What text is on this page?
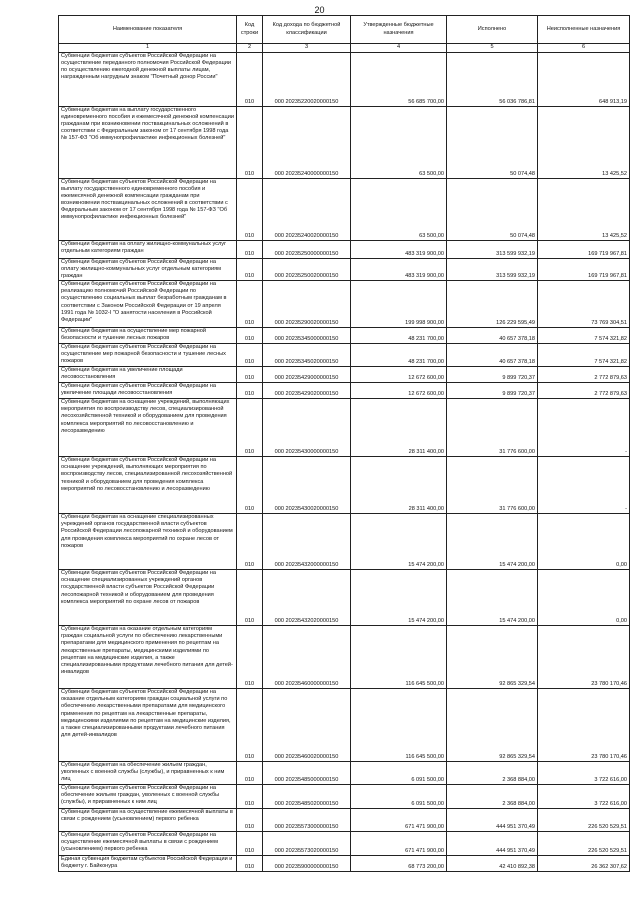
20
Наименование показателя	Код строки	Код дохода по бюджетной классификации	Утвержденные бюджетные назначения	Исполнено	Неисполненные назначения
1	2	3	4	5	6
Субвенции бюджетам субъектов Российской Федерации на осуществление переданного полномочия Российской Федерации по осуществлению ежегодной денежной выплаты лицам, награжденным нагрудным знаком "Почетный донор России"	010	000 20235220020000150	56 685 700,00	56 036 786,81	648 913,19
Субвенции бюджетам на выплату государственного единовременного пособия и ежемесячной денежной компенсации гражданам при возникновении поствакцинальных осложнений в соответствии с Федеральным законом от 17 сентября 1998 года № 157-ФЗ "Об иммунопрофилактике инфекционных болезней"	010	000 20235240000000150	63 500,00	50 074,48	13 425,52
Субвенции бюджетам субъектов Российской Федерации на выплату государственного единовременного пособия и ежемесячной денежной компенсации гражданам при возникновении поствакцинальных осложнений в соответствии с Федеральным законом от 17 сентября 1998 года № 157-ФЗ "Об иммунопрофилактике инфекционных болезней"	010	000 20235240020000150	63 500,00	50 074,48	13 425,52
Субвенции бюджетам на оплату жилищно-коммунальных услуг отдельным категориям граждан	010	000 20235250000000150	483 319 900,00	313 599 932,19	169 719 967,81
Субвенции бюджетам субъектов Российской Федерации на оплату жилищно-коммунальных услуг отдельным категориям граждан	010	000 20235250020000150	483 319 900,00	313 599 932,19	169 719 967,81
Субвенции бюджетам субъектов Российской Федерации на реализацию полномочий Российской Федерации по осуществлению социальных выплат безработным гражданам в соответствии с Законом Российской Федерации от 19 апреля 1991 года № 1032-I "О занятости населения в Российской Федерации"	010	000 20235290020000150	199 998 900,00	126 229 595,49	73 769 304,51
Субвенции бюджетам на осуществление мер пожарной безопасности и тушение лесных пожаров	010	000 20235345000000150	48 231 700,00	40 657 378,18	7 574 321,82
Субвенции бюджетам субъектов Российской Федерации на осуществление мер пожарной безопасности и тушение лесных пожаров	010	000 20235345020000150	48 231 700,00	40 657 378,18	7 574 321,82
Субвенции бюджетам на увеличение площади лесовосстановления	010	000 20235429000000150	12 672 600,00	9 899 720,37	2 772 879,63
Субвенции бюджетам субъектов Российской Федерации на увеличение площади лесовосстановления	010	000 20235429020000150	12 672 600,00	9 899 720,37	2 772 879,63
Субвенции бюджетам на оснащение учреждений, выполняющих мероприятия по воспроизводству лесов, специализированной лесохозяйственной техникой и оборудованием для проведения комплекса мероприятий по лесовосстановлению и лесоразведению	010	000 20235430000000150	28 311 400,00	31 776 600,00	-
Субвенции бюджетам субъектов Российской Федерации на оснащение учреждений, выполняющих мероприятия по воспроизводству лесов, специализированной лесохозяйственной техникой и оборудованием для проведения комплекса мероприятий по лесовосстановлению и лесоразведению	010	000 20235430020000150	28 311 400,00	31 776 600,00	-
Субвенции бюджетам на оснащение специализированных учреждений органов государственной власти субъектов Российской Федерации лесопожарной техникой и оборудованием для проведения комплекса мероприятий по охране лесов от пожаров	010	000 20235432000000150	15 474 200,00	15 474 200,00	0,00
Субвенции бюджетам субъектов Российской Федерации на оснащение специализированных учреждений органов государственной власти субъектов Российской Федерации лесопожарной техникой и оборудованием для проведения комплекса мероприятий по охране лесов от пожаров	010	000 20235432020000150	15 474 200,00	15 474 200,00	0,00
Субвенции бюджетам на оказание отдельным категориям граждан социальной услуги по обеспечению лекарственными препаратами для медицинского применения по рецептам на лекарственные препараты, медицинскими изделиями по рецептам на медицинские изделия, а также специализированными продуктами лечебного питания для детей-инвалидов	010	000 20235460000000150	116 645 500,00	92 865 329,54	23 780 170,46
Субвенции бюджетам субъектов Российской Федерации на оказание отдельным категориям граждан социальной услуги по обеспечению лекарственными препаратами для медицинского применения по рецептам на лекарственные препараты, медицинскими изделиями по рецептам на медицинские изделия, а также специализированными продуктами лечебного питания для детей-инвалидов	010	000 20235460020000150	116 645 500,00	92 865 329,54	23 780 170,46
Субвенции бюджетам на обеспечение жильем граждан, уволенных с военной службы (службы), и приравненных к ним лиц	010	000 20235485000000150	6 091 500,00	2 368 884,00	3 722 616,00
Субвенции бюджетам субъектов Российской Федерации на обеспечение жильем граждан, уволенных с военной службы (службы), и приравненных к ним лиц	010	000 20235485020000150	6 091 500,00	2 368 884,00	3 722 616,00
Субвенции бюджетам на осуществление ежемесячной выплаты в связи с рождением (усыновлением) первого ребенка	010	000 20235573000000150	671 471 900,00	444 951 370,49	226 520 529,51
Субвенции бюджетам субъектов Российской Федерации на осуществление ежемесячной выплаты в связи с рождением (усыновлением) первого ребенка	010	000 20235573020000150	671 471 900,00	444 951 370,49	226 520 529,51
Единая субвенция бюджетам субъектов Российской Федерации и бюджету г. Байконура	010	000 20235900000000150	68 773 200,00	42 410 892,38	26 362 307,62
